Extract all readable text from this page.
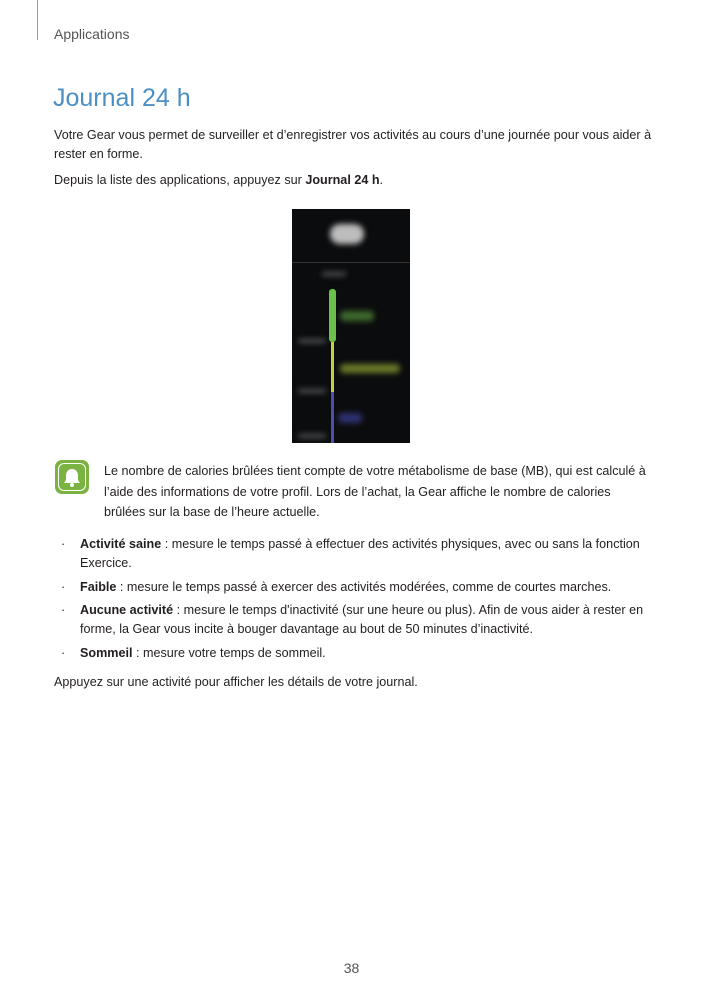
Applications
Journal 24 h
Votre Gear vous permet de surveiller et d’enregistrer vos activités au cours d’une journée pour vous aider à rester en forme.
Depuis la liste des applications, appuyez sur Journal 24 h.
Le nombre de calories brûlées tient compte de votre métabolisme de base (MB), qui est calculé à l’aide des informations de votre profil. Lors de l’achat, la Gear affiche le nombre de calories brûlées sur la base de l’heure actuelle.
· Activité saine : mesure le temps passé à effectuer des activités physiques, avec ou sans la fonction Exercice.
· Faible : mesure le temps passé à exercer des activités modérées, comme de courtes marches.
· Aucune activité : mesure le temps d'inactivité (sur une heure ou plus). Afin de vous aider à rester en forme, la Gear vous incite à bouger davantage au bout de 50 minutes d’inactivité.
· Sommeil : mesure votre temps de sommeil.
Appuyez sur une activité pour afficher les détails de votre journal.
38
